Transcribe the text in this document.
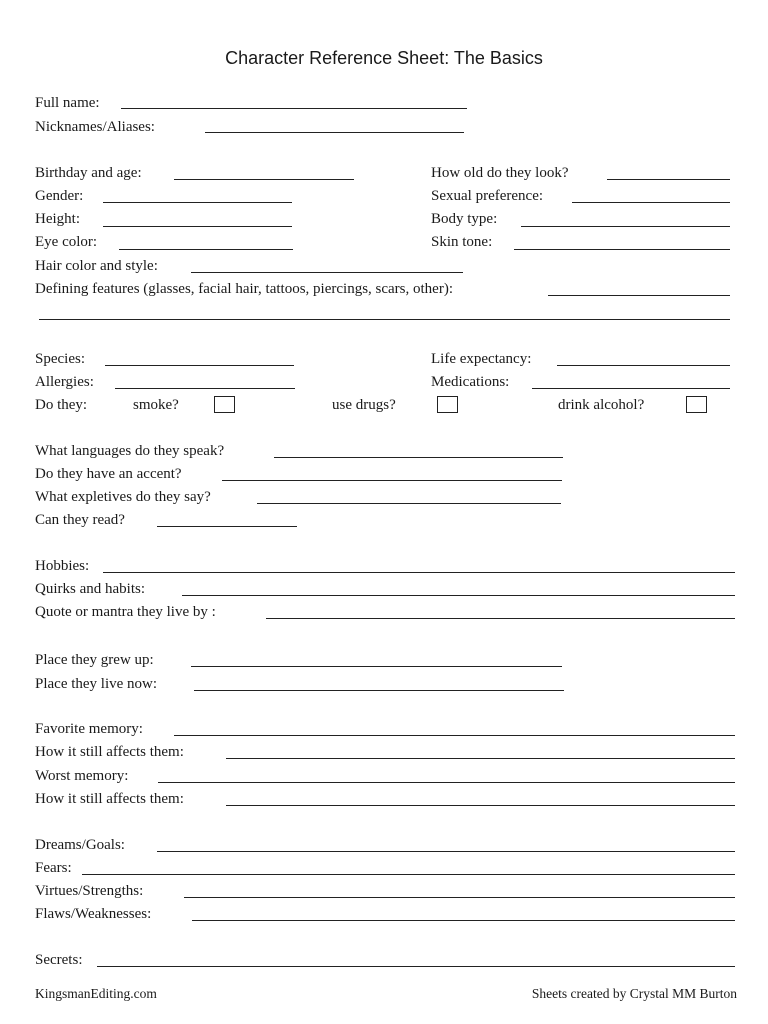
Character Reference Sheet: The Basics
Full name:
Nicknames/Aliases:
Birthday and age:	How old do they look?
Gender:	Sexual preference:
Height:	Body type:
Eye color:	Skin tone:
Hair color and style:
Defining features (glasses, facial hair, tattoos, piercings, scars, other):
Species:	Life expectancy:
Allergies:	Medications:
Do they:	smoke?	use drugs?	drink alcohol?
What languages do they speak?
Do they have an accent?
What expletives do they say?
Can they read?
Hobbies:
Quirks and habits:
Quote or mantra they live by :
Place they grew up:
Place they live now:
Favorite memory:
How it still affects them:
Worst memory:
How it still affects them:
Dreams/Goals:
Fears:
Virtues/Strengths:
Flaws/Weaknesses:
Secrets:
KingsmanEditing.com	Sheets created by Crystal MM Burton
